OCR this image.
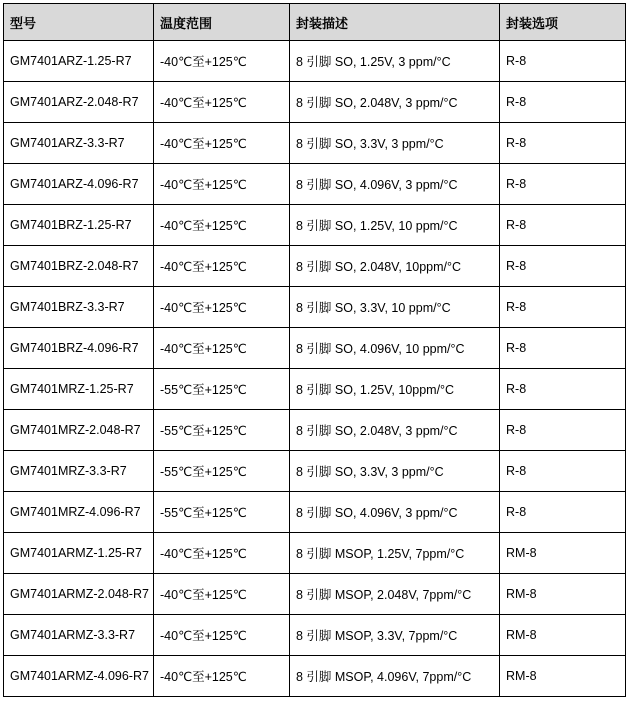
型号	温度范围	封装描述	封装选项
GM7401ARZ-1.25-R7	-40℃至+125℃	8 引脚 SO, 1.25V, 3 ppm/°C	R-8
GM7401ARZ-2.048-R7	-40℃至+125℃	8 引脚 SO, 2.048V, 3 ppm/°C	R-8
GM7401ARZ-3.3-R7	-40℃至+125℃	8 引脚 SO, 3.3V, 3 ppm/°C	R-8
GM7401ARZ-4.096-R7	-40℃至+125℃	8 引脚 SO, 4.096V, 3 ppm/°C	R-8
GM7401BRZ-1.25-R7	-40℃至+125℃	8 引脚 SO, 1.25V, 10 ppm/°C	R-8
GM7401BRZ-2.048-R7	-40℃至+125℃	8 引脚 SO, 2.048V, 10ppm/°C	R-8
GM7401BRZ-3.3-R7	-40℃至+125℃	8 引脚 SO, 3.3V, 10 ppm/°C	R-8
GM7401BRZ-4.096-R7	-40℃至+125℃	8 引脚 SO, 4.096V, 10 ppm/°C	R-8
GM7401MRZ-1.25-R7	-55℃至+125℃	8 引脚 SO, 1.25V, 10ppm/°C	R-8
GM7401MRZ-2.048-R7	-55℃至+125℃	8 引脚 SO, 2.048V, 3 ppm/°C	R-8
GM7401MRZ-3.3-R7	-55℃至+125℃	8 引脚 SO, 3.3V, 3 ppm/°C	R-8
GM7401MRZ-4.096-R7	-55℃至+125℃	8 引脚 SO, 4.096V, 3 ppm/°C	R-8
GM7401ARMZ-1.25-R7	-40℃至+125℃	8 引脚 MSOP, 1.25V, 7ppm/°C	RM-8
GM7401ARMZ-2.048-R7	-40℃至+125℃	8 引脚 MSOP, 2.048V, 7ppm/°C	RM-8
GM7401ARMZ-3.3-R7	-40℃至+125℃	8 引脚 MSOP, 3.3V, 7ppm/°C	RM-8
GM7401ARMZ-4.096-R7	-40℃至+125℃	8 引脚 MSOP, 4.096V, 7ppm/°C	RM-8
